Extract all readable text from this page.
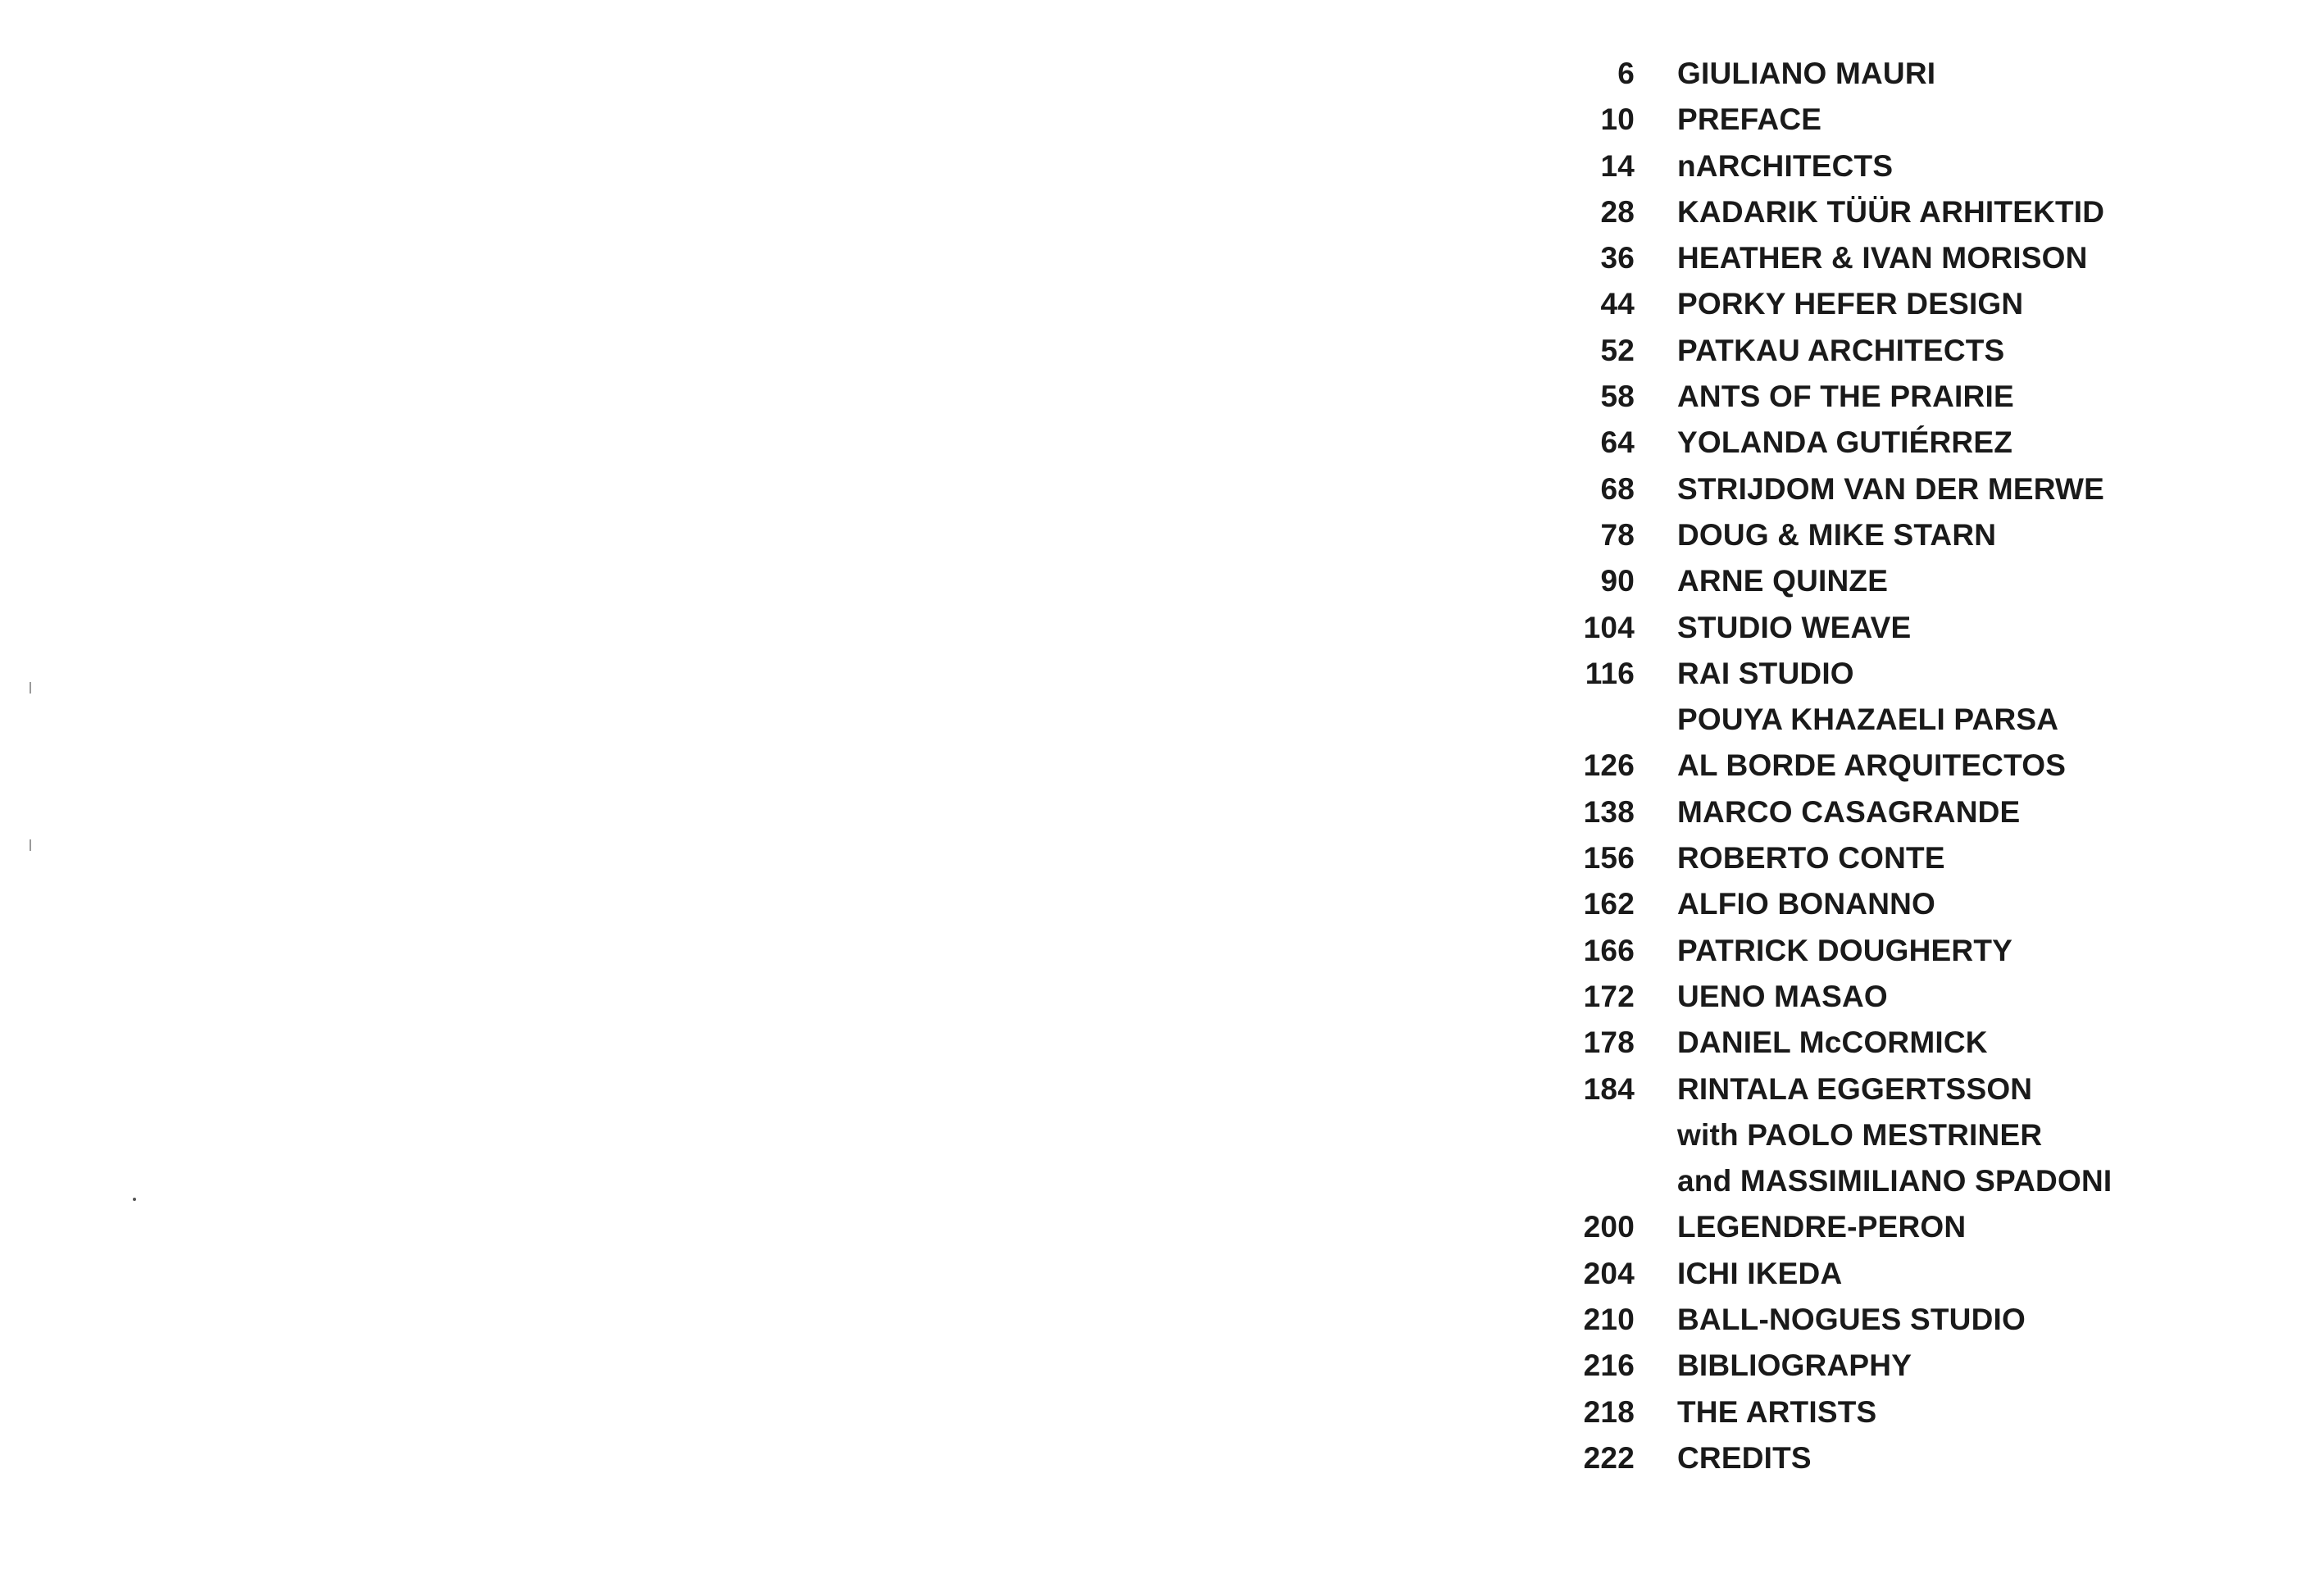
6 GIULIANO MAURI
10 PREFACE
14 nARCHITECTS
28 KADARIK TÜÜR ARHITEKTID
36 HEATHER & IVAN MORISON
44 PORKY HEFER DESIGN
52 PATKAU ARCHITECTS
58 ANTS OF THE PRAIRIE
64 YOLANDA GUTIÉRREZ
68 STRIJDOM VAN DER MERWE
78 DOUG & MIKE STARN
90 ARNE QUINZE
104 STUDIO WEAVE
116 RAI STUDIO
POUYA KHAZAELI PARSA
126 AL BORDE ARQUITECTOS
138 MARCO CASAGRANDE
156 ROBERTO CONTE
162 ALFIO BONANNO
166 PATRICK DOUGHERTY
172 UENO MASAO
178 DANIEL McCORMICK
184 RINTALA EGGERTSSON
with PAOLO MESTRINER
and MASSIMILIANO SPADONI
200 LEGENDRE-PERON
204 ICHI IKEDA
210 BALL-NOGUES STUDIO
216 BIBLIOGRAPHY
218 THE ARTISTS
222 CREDITS
